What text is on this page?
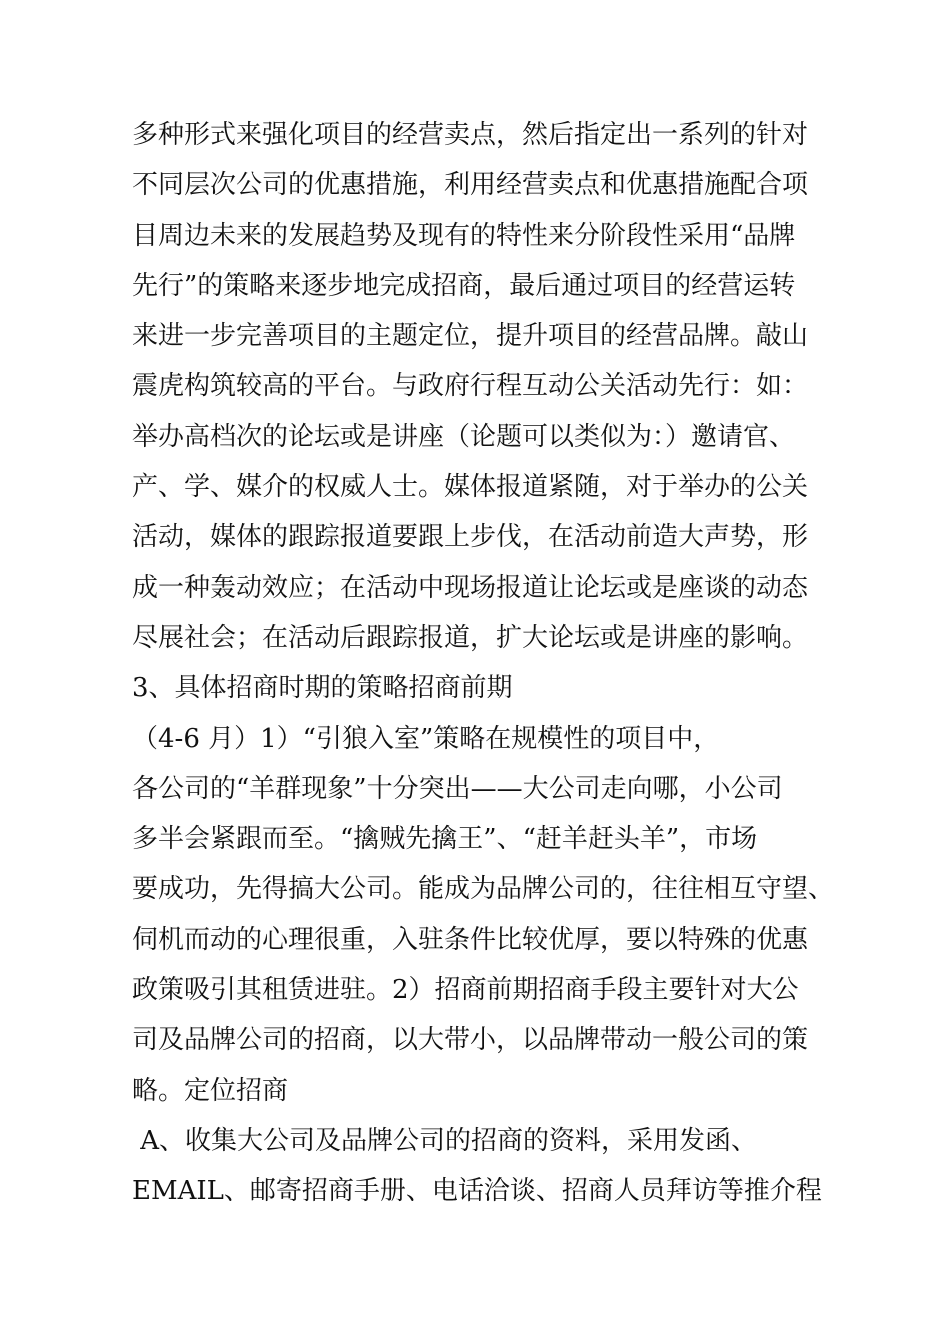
多种形式来强化项目的经营卖点，然后指定出一系列的针对
不同层次公司的优惠措施，利用经营卖点和优惠措施配合项
目周边未来的发展趋势及现有的特性来分阶段性采用“品牌
先行”的策略来逐步地完成招商，最后通过项目的经营运转
来进一步完善项目的主题定位，提升项目的经营品牌。敲山
震虎构筑较高的平台。与政府行程互动公关活动先行：如：
举办高档次的论坛或是讲座（论题可以类似为：）邀请官、
产、学、媒介的权威人士。媒体报道紧随，对于举办的公关
活动，媒体的跟踪报道要跟上步伐，在活动前造大声势，形
成一种轰动效应；在活动中现场报道让论坛或是座谈的动态
尽展社会；在活动后跟踪报道，扩大论坛或是讲座的影响。
3、具体招商时期的策略招商前期
（4-6 月）1）“引狼入室”策略在规模性的项目中，
各公司的“羊群现象”十分突出——大公司走向哪，小公司
多半会紧跟而至。“擒贼先擒王”、“赶羊赶头羊”，市场
要成功，先得搞大公司。能成为品牌公司的，往往相互守望、
伺机而动的心理很重，入驻条件比较优厚，要以特殊的优惠
政策吸引其租赁进驻。2）招商前期招商手段主要针对大公
司及品牌公司的招商，以大带小，以品牌带动一般公司的策
略。定位招商
A、收集大公司及品牌公司的招商的资料，采用发函、
EMAIL、邮寄招商手册、电话洽谈、招商人员拜访等推介程
